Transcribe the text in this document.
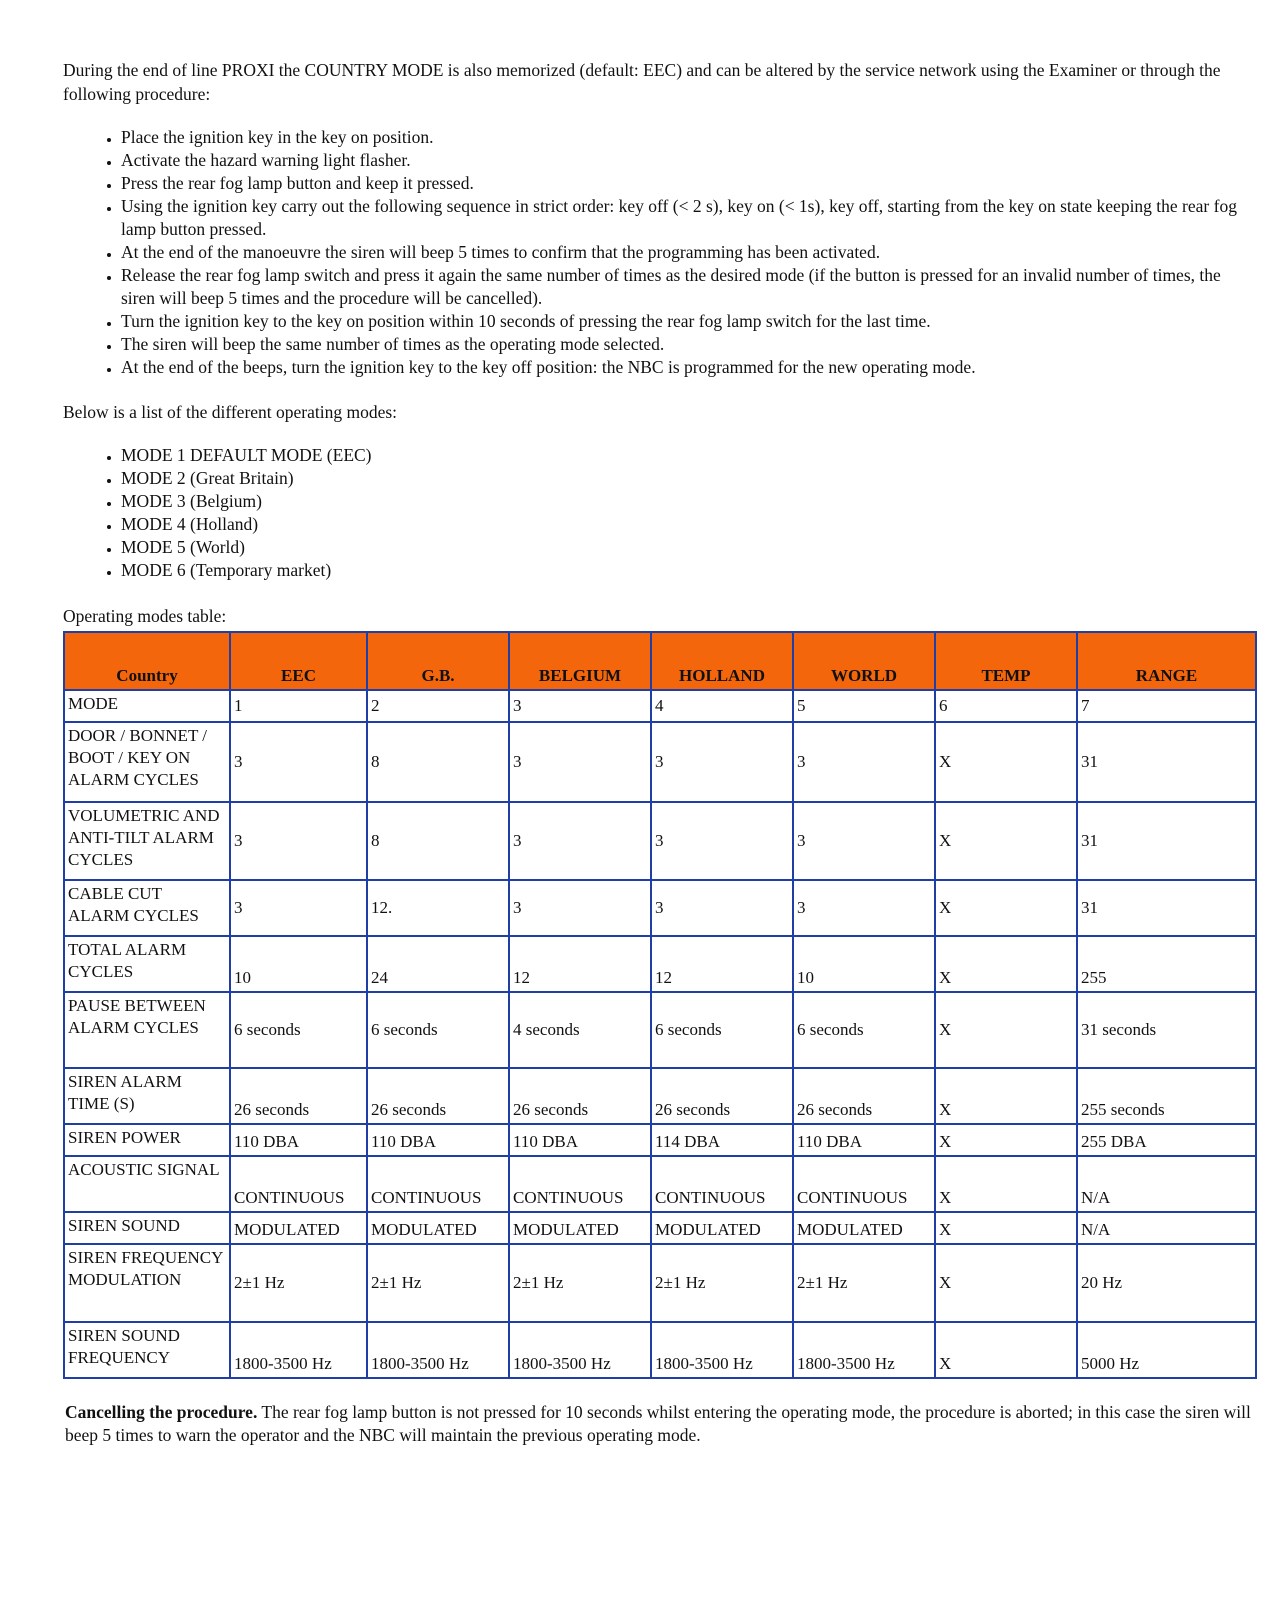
During the end of line PROXI the COUNTRY MODE is also memorized (default: EEC) and can be altered by the service network using the Examiner or through the following procedure:

• Place the ignition key in the key on position.
• Activate the hazard warning light flasher.
• Press the rear fog lamp button and keep it pressed.
• Using the ignition key carry out the following sequence in strict order: key off (< 2 s), key on (< 1s), key off, starting from the key on state keeping the rear fog lamp button pressed.
• At the end of the manoeuvre the siren will beep 5 times to confirm that the programming has been activated.
• Release the rear fog lamp switch and press it again the same number of times as the desired mode (if the button is pressed for an invalid number of times, the siren will beep 5 times and the procedure will be cancelled).
• Turn the ignition key to the key on position within 10 seconds of pressing the rear fog lamp switch for the last time.
• The siren will beep the same number of times as the operating mode selected.
• At the end of the beeps, turn the ignition key to the key off position: the NBC is programmed for the new operating mode.

Below is a list of the different operating modes:

• MODE 1 DEFAULT MODE (EEC)
• MODE 2 (Great Britain)
• MODE 3 (Belgium)
• MODE 4 (Holland)
• MODE 5 (World)
• MODE 6 (Temporary market)

Operating modes table:

Country	EEC	G.B.	BELGIUM	HOLLAND	WORLD	TEMP	RANGE
MODE	1	2	3	4	5	6	7
DOOR / BONNET / BOOT / KEY ON ALARM CYCLES	3	8	3	3	3	X	31
VOLUMETRIC AND ANTI-TILT ALARM CYCLES	3	8	3	3	3	X	31
CABLE CUT ALARM CYCLES	3	12.	3	3	3	X	31
TOTAL ALARM CYCLES	10	24	12	12	10	X	255
PAUSE BETWEEN ALARM CYCLES	6 seconds	6 seconds	4 seconds	6 seconds	6 seconds	X	31 seconds
SIREN ALARM TIME (S)	26 seconds	26 seconds	26 seconds	26 seconds	26 seconds	X	255 seconds
SIREN POWER	110 DBA	110 DBA	110 DBA	114 DBA	110 DBA	X	255 DBA
ACOUSTIC SIGNAL	CONTINUOUS	CONTINUOUS	CONTINUOUS	CONTINUOUS	CONTINUOUS	X	N/A
SIREN SOUND	MODULATED	MODULATED	MODULATED	MODULATED	MODULATED	X	N/A
SIREN FREQUENCY MODULATION	2±1 Hz	2±1 Hz	2±1 Hz	2±1 Hz	2±1 Hz	X	20 Hz
SIREN SOUND FREQUENCY	1800-3500 Hz	1800-3500 Hz	1800-3500 Hz	1800-3500 Hz	1800-3500 Hz	X	5000 Hz

Cancelling the procedure. The rear fog lamp button is not pressed for 10 seconds whilst entering the operating mode, the procedure is aborted; in this case the siren will beep 5 times to warn the operator and the NBC will maintain the previous operating mode.
